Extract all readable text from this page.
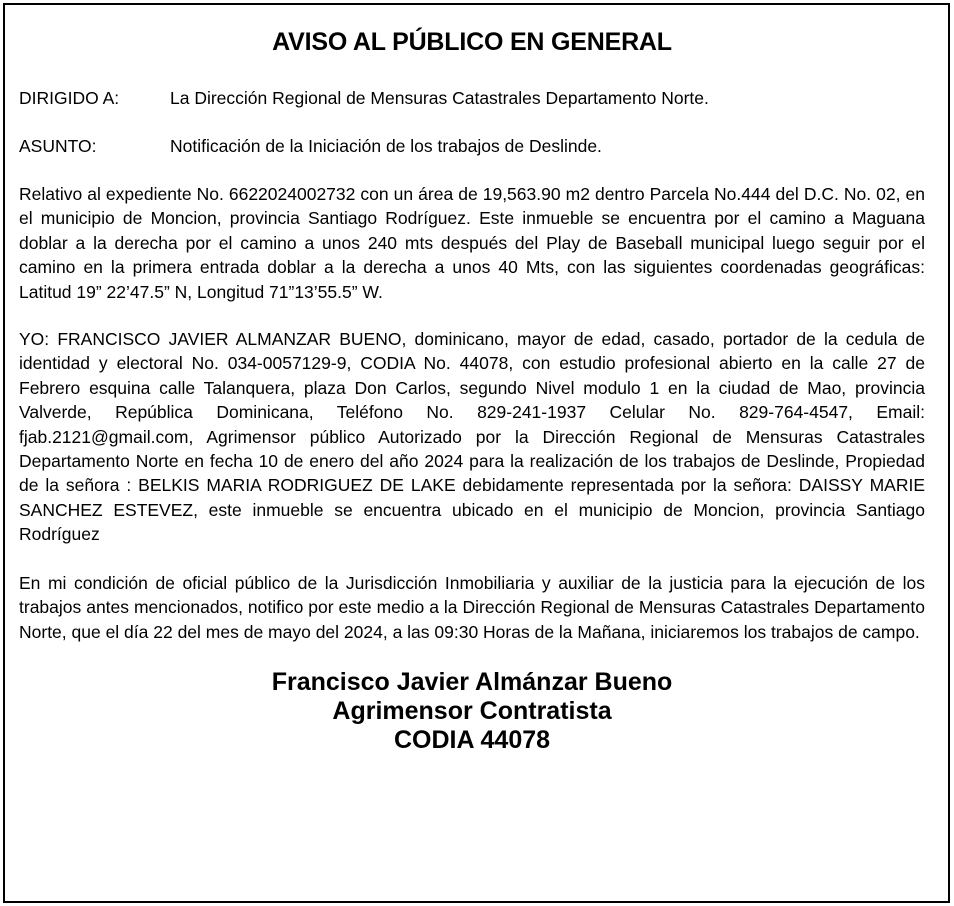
AVISO AL PÚBLICO EN GENERAL
DIRIGIDO A:	La Dirección Regional de Mensuras Catastrales Departamento Norte.
ASUNTO:	Notificación de la Iniciación de los trabajos de Deslinde.

Relativo al expediente No. 6622024002732 con un área de 19,563.90 m2 dentro Parcela No.444 del D.C. No. 02, en el municipio de Moncion, provincia Santiago Rodríguez. Este inmueble se encuentra por el camino a Maguana doblar a la derecha por el camino a unos 240 mts después del Play de Baseball municipal luego seguir por el camino en la primera entrada doblar a la derecha a unos 40 Mts, con las siguientes coordenadas geográficas: Latitud 19” 22’47.5” N, Longitud 71”13’55.5” W.

YO: FRANCISCO JAVIER ALMANZAR BUENO, dominicano, mayor de edad, casado, portador de la cedula de identidad y electoral No. 034-0057129-9, CODIA No. 44078, con estudio profesional abierto en la calle 27 de Febrero esquina calle Talanquera, plaza Don Carlos, segundo Nivel modulo 1 en la ciudad de Mao, provincia Valverde, República Dominicana, Teléfono No. 829-241-1937 Celular No. 829-764-4547, Email: fjab.2121@gmail.com, Agrimensor público Autorizado por la Dirección Regional de Mensuras Catastrales Departamento Norte en fecha 10 de enero del año 2024 para la realización de los trabajos de Deslinde, Propiedad de la señora : BELKIS MARIA RODRIGUEZ DE LAKE debidamente representada por la señora: DAISSY MARIE SANCHEZ ESTEVEZ, este inmueble se encuentra ubicado en el municipio de Moncion, provincia Santiago Rodríguez

En mi condición de oficial público de la Jurisdicción Inmobiliaria y auxiliar de la justicia para la ejecución de los trabajos antes mencionados, notifico por este medio a la Dirección Regional de Mensuras Catastrales Departamento Norte, que el día 22 del mes de mayo del 2024, a las 09:30 Horas de la Mañana, iniciaremos los trabajos de campo.

Francisco Javier Almánzar Bueno
Agrimensor Contratista
CODIA 44078
